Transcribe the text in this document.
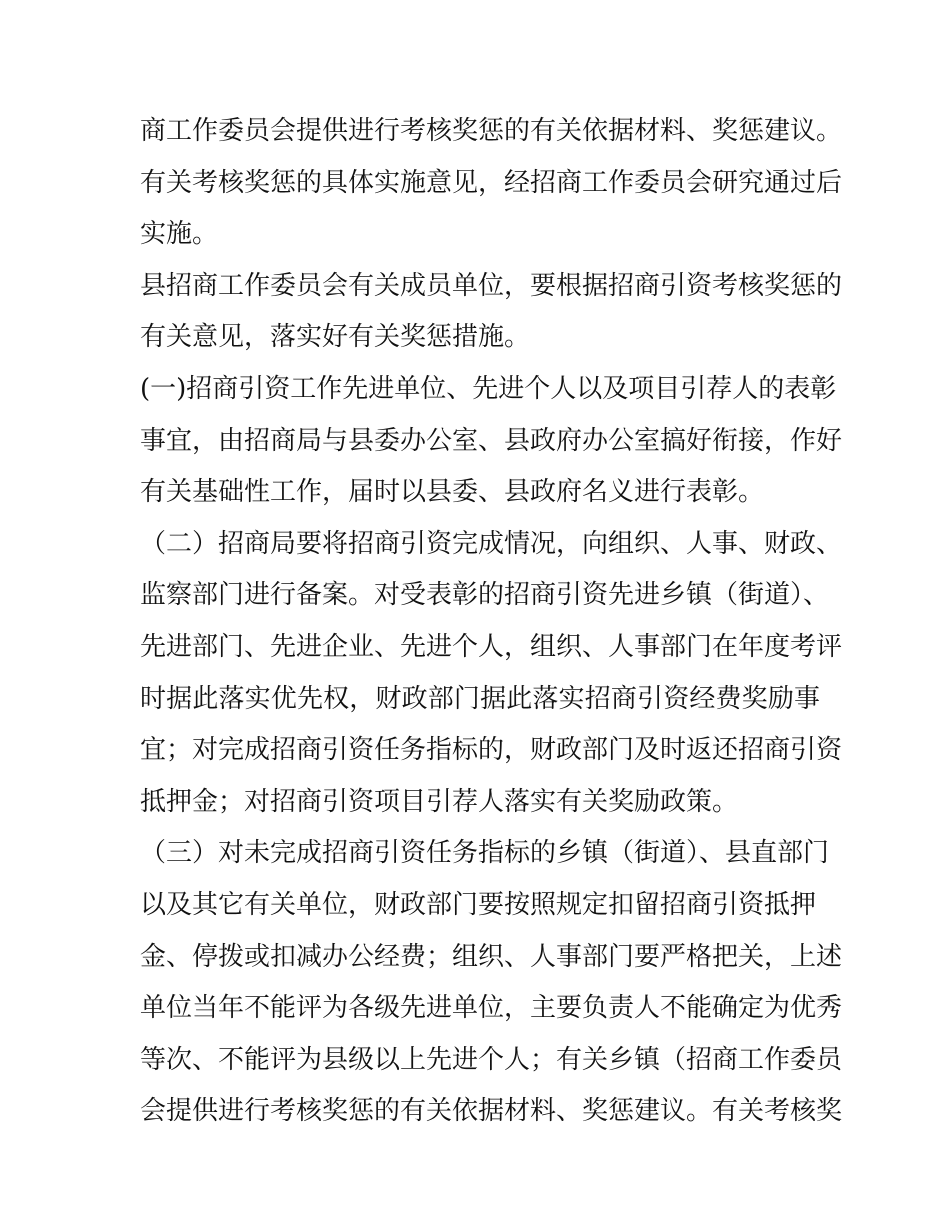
商工作委员会提供进行考核奖惩的有关依据材料、奖惩建议。
有关考核奖惩的具体实施意见，经招商工作委员会研究通过后
实施。
县招商工作委员会有关成员单位，要根据招商引资考核奖惩的
有关意见，落实好有关奖惩措施。
(一)招商引资工作先进单位、先进个人以及项目引荐人的表彰
事宜，由招商局与县委办公室、县政府办公室搞好衔接，作好
有关基础性工作，届时以县委、县政府名义进行表彰。
（二）招商局要将招商引资完成情况，向组织、人事、财政、
监察部门进行备案。对受表彰的招商引资先进乡镇（街道）、
先进部门、先进企业、先进个人，组织、人事部门在年度考评
时据此落实优先权，财政部门据此落实招商引资经费奖励事
宜；对完成招商引资任务指标的，财政部门及时返还招商引资
抵押金；对招商引资项目引荐人落实有关奖励政策。
（三）对未完成招商引资任务指标的乡镇（街道）、县直部门
以及其它有关单位，财政部门要按照规定扣留招商引资抵押
金、停拨或扣减办公经费；组织、人事部门要严格把关，上述
单位当年不能评为各级先进单位，主要负责人不能确定为优秀
等次、不能评为县级以上先进个人；有关乡镇（招商工作委员
会提供进行考核奖惩的有关依据材料、奖惩建议。有关考核奖
